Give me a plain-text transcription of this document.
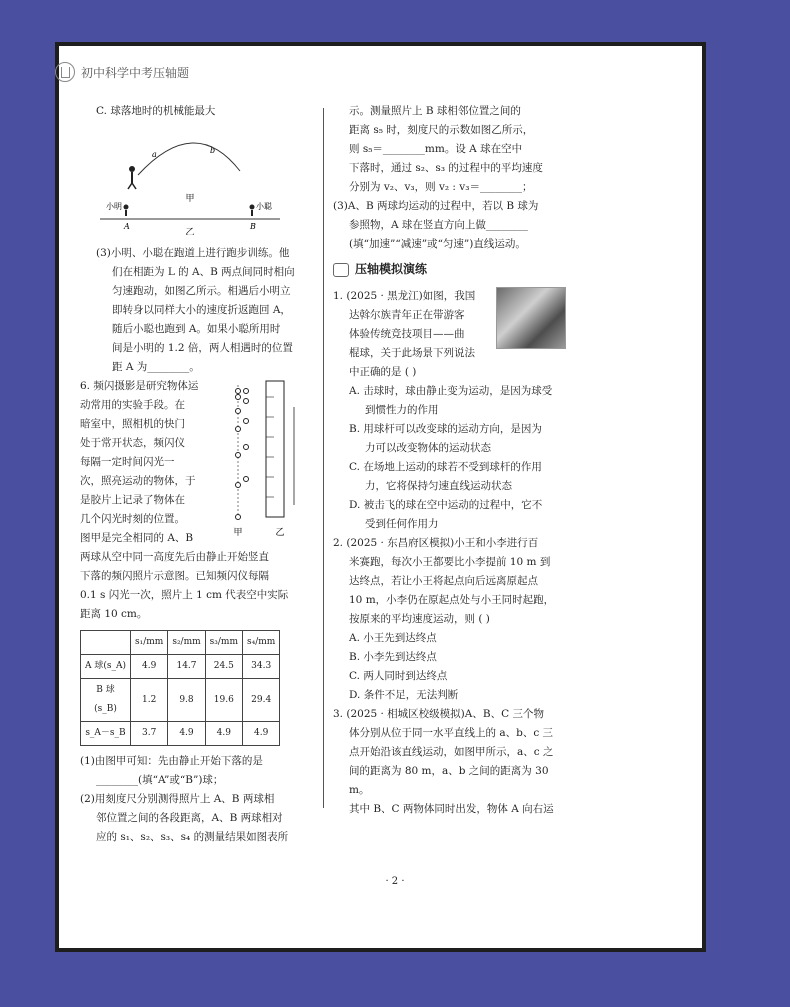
初中科学中考压轴题
C. 球落地时的机械能最大
a	b
甲
小明	小聪
A	B
乙
(3)小明、小聪在跑道上进行跑步训练。他
们在相距为 L 的 A、B 两点间同时相向
匀速跑动，如图乙所示。相遇后小明立
即转身以同样大小的速度折返跑回 A，
随后小聪也跑到 A。如果小聪所用时
间是小明的 1.2 倍，两人相遇时的位置
距 A 为________。
6. 频闪摄影是研究物体运
动常用的实验手段。在
暗室中，照相机的快门
处于常开状态，频闪仪
每隔一定时间闪光一
次，照亮运动的物体，于
是胶片上记录了物体在
几个闪光时刻的位置。
图甲是完全相同的 A、B	甲	乙
两球从空中同一高度先后由静止开始竖直
下落的频闪照片示意图。已知频闪仪每隔
0.1 s 闪光一次，照片上 1 cm 代表空中实际
距离 10 cm。
	s₁/mm	s₂/mm	s₃/mm	s₄/mm
A 球(s_A)	4.9	14.7	24.5	34.3
B 球(s_B)	1.2	9.8	19.6	29.4
s_A－s_B	3.7	4.9	4.9	4.9
(1)由图甲可知：先由静止开始下落的是
________(填“A”或“B”)球；
(2)用刻度尺分别测得照片上 A、B 两球相
邻位置之间的各段距离，A、B 两球相对
应的 s₁、s₂、s₃、s₄ 的测量结果如图表所
示。测量照片上 B 球相邻位置之间的
距离 s₅ 时，刻度尺的示数如图乙所示，
则 s₅＝________mm。设 A 球在空中
下落时，通过 s₂、s₃ 的过程中的平均速度
分别为 v₂、v₃，则 v₂ : v₃＝________；
(3)A、B 两球均运动的过程中，若以 B 球为
参照物，A 球在竖直方向上做________
(填“加速”“减速”或“匀速”)直线运动。
压轴模拟演练
1. (2025 · 黑龙江)如图，我国
达斡尔族青年正在带游客
体验传统竞技项目——曲
棍球，关于此场景下列说法
中正确的是 ( )
A. 击球时，球由静止变为运动，是因为球受
到惯性力的作用
B. 用球杆可以改变球的运动方向，是因为
力可以改变物体的运动状态
C. 在场地上运动的球若不受到球杆的作用
力，它将保持匀速直线运动状态
D. 被击飞的球在空中运动的过程中，它不
受到任何作用力
2. (2025 · 东昌府区模拟)小王和小李进行百
米赛跑，每次小王都要比小李提前 10 m 到
达终点，若让小王将起点向后远离原起点
10 m，小李仍在原起点处与小王同时起跑，
按原来的平均速度运动，则 ( )
A. 小王先到达终点
B. 小李先到达终点
C. 两人同时到达终点
D. 条件不足，无法判断
3. (2025 · 相城区校级模拟)A、B、C 三个物
体分别从位于同一水平直线上的 a、b、c 三
点开始沿该直线运动，如图甲所示，a、c 之
间的距离为 80 m，a、b 之间的距离为 30 m。
其中 B、C 两物体同时出发，物体 A 向右运
· 2 ·
